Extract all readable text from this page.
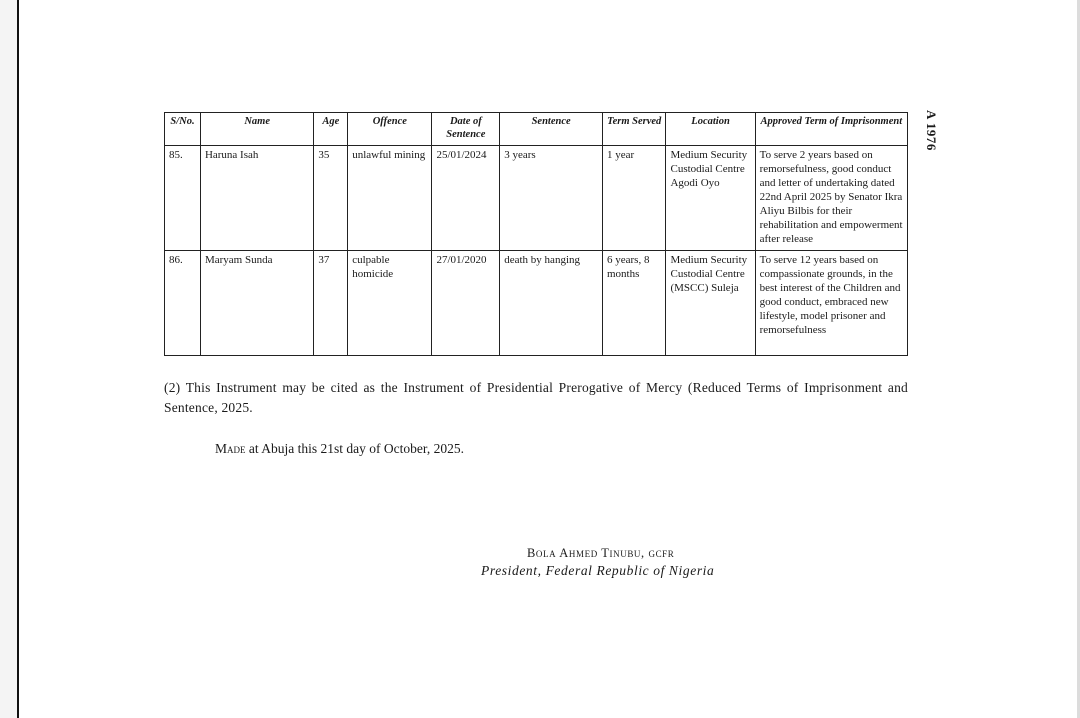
A 1976
S/No.	Name	Age	Offence	Date of Sentence	Sentence	Term Served	Location	Approved Term of Imprisonment
85.	Haruna Isah	35	unlawful mining	25/01/2024	3 years	1 year	Medium Security Custodial Centre Agodi Oyo	To serve 2 years based on remorsefulness, good conduct and letter of undertaking dated 22nd April 2025 by Senator Ikra Aliyu Bilbis for their rehabilitation and empowerment after release
86.	Maryam Sunda	37	culpable homicide	27/01/2020	death by hanging	6 years, 8 months	Medium Security Custodial Centre (MSCC) Suleja	To serve 12 years based on compassionate grounds, in the best interest of the Children and good conduct, embraced new lifestyle, model prisoner and remorsefulness
(2) This Instrument may be cited as the Instrument of Presidential Prerogative of Mercy (Reduced Terms of Imprisonment and Sentence, 2025.
Made at Abuja this 21st day of October, 2025.
Bola Ahmed Tinubu, gcfr
President, Federal Republic of Nigeria
